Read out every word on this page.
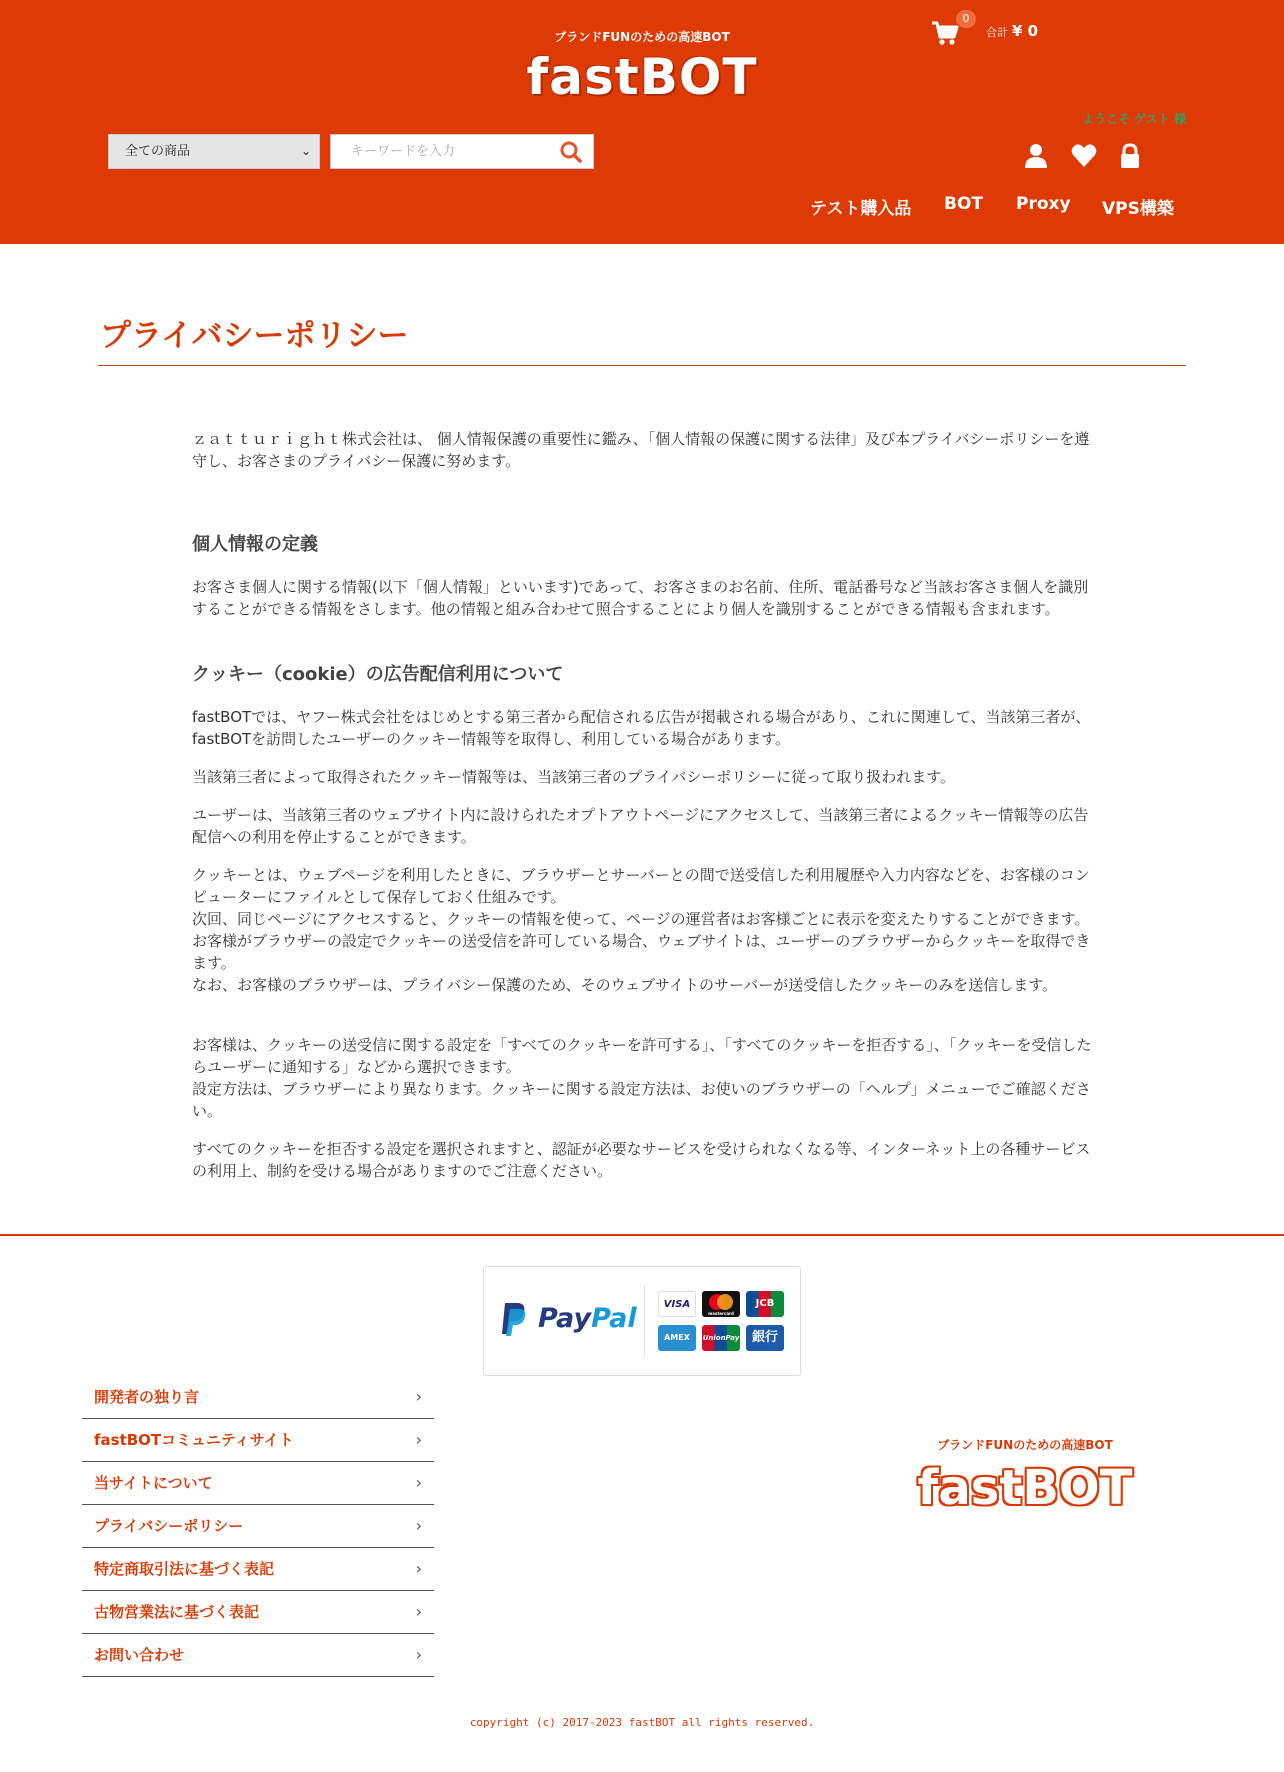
ブランドFUNのための高速BOT
fastBOT
0
合計 ¥ 0
ようこそ ゲスト 様
全ての商品	⌄
キーワードを入力
テスト購入品 BOT Proxy VPS構築
プライバシーポリシー

ｚａｔｔｕｒｉｇｈｔ株式会社は、 個人情報保護の重要性に鑑み、「個人情報の保護に関する法律」及び本プライバシーポリシーを遵守し、お客さまのプライバシー保護に努めます。

個人情報の定義

お客さま個人に関する情報(以下「個人情報」といいます)であって、お客さまのお名前、住所、電話番号など当該お客さま個人を識別することができる情報をさします。他の情報と組み合わせて照合することにより個人を識別することができる情報も含まれます。

クッキー（cookie）の広告配信利用について

fastBOTでは、ヤフー株式会社をはじめとする第三者から配信される広告が掲載される場合があり、これに関連して、当該第三者が、fastBOTを訪問したユーザーのクッキー情報等を取得し、利用している場合があります。

当該第三者によって取得されたクッキー情報等は、当該第三者のプライバシーポリシーに従って取り扱われます。

ユーザーは、当該第三者のウェブサイト内に設けられたオプトアウトページにアクセスして、当該第三者によるクッキー情報等の広告配信への利用を停止することができます。

クッキーとは、ウェブページを利用したときに、ブラウザーとサーバーとの間で送受信した利用履歴や入力内容などを、お客様のコンピューターにファイルとして保存しておく仕組みです。

次回、同じページにアクセスすると、クッキーの情報を使って、ページの運営者はお客様ごとに表示を変えたりすることができます。お客様がブラウザーの設定でクッキーの送受信を許可している場合、ウェブサイトは、ユーザーのブラウザーからクッキーを取得できます。

なお、お客様のブラウザーは、プライバシー保護のため、そのウェブサイトのサーバーが送受信したクッキーのみを送信します。

お客様は、クッキーの送受信に関する設定を「すべてのクッキーを許可する」、「すべてのクッキーを拒否する」、「クッキーを受信したらユーザーに通知する」などから選択できます。

設定方法は、ブラウザーにより異なります。クッキーに関する設定方法は、お使いのブラウザーの「ヘルプ」メニューでご確認ください。

すべてのクッキーを拒否する設定を選択されますと、認証が必要なサービスを受けられなくなる等、インターネット上の各種サービスの利用上、制約を受ける場合がありますのでご注意ください。

PayPal	VISA
mastercard
JCB
AMEX	UnionPay 銀行
開発者の独り言	›
fastBOTコミュニティサイト	›
当サイトについて	›
プライバシーポリシー	›
特定商取引法に基づく表記	›
古物営業法に基づく表記	›
お問い合わせ	›
ブランドFUNのための高速BOT
fastBOT
copyright (c) 2017-2023 fastBOT all rights reserved.
